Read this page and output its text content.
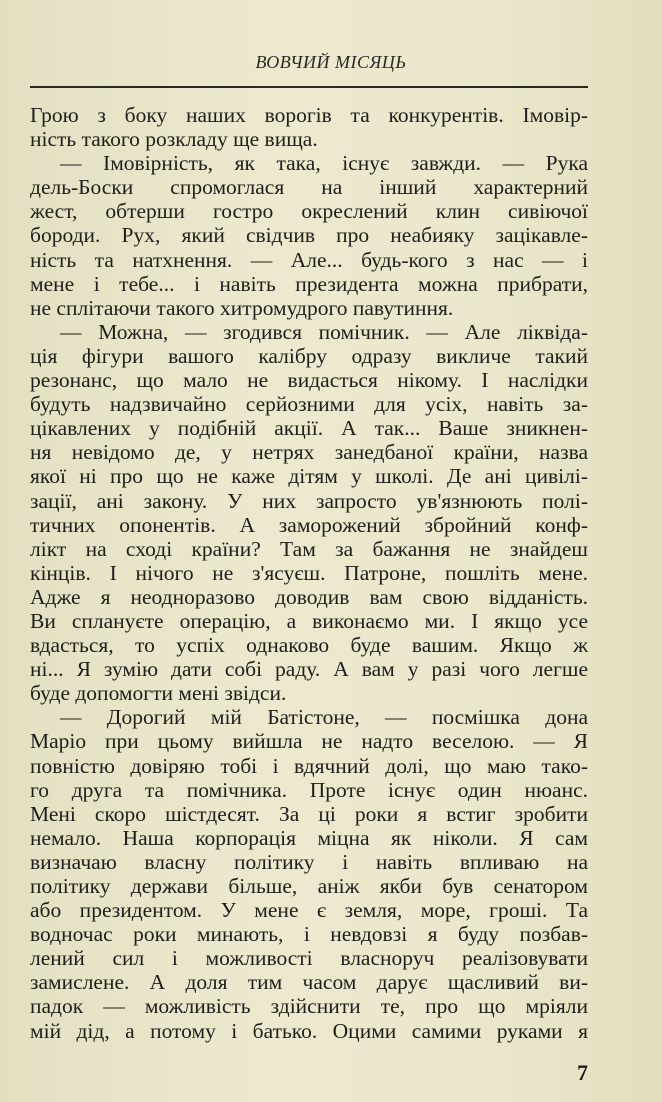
ВОВЧИЙ МІСЯЦЬ
Грою з боку наших ворогів та конкурентів. Імовір-
ність такого розкладу ще вища.
— Імовірність, як така, існує завжди. — Рука
дель-Боски спромоглася на інший характерний
жест, обтерши гостро окреслений клин сивіючої
бороди. Рух, який свідчив про неабияку зацікавле-
ність та натхнення. — Але... будь-кого з нас — і
мене і тебе... і навіть президента можна прибрати,
не сплітаючи такого хитромудрого павутиння.
— Можна, — згодився помічник. — Але ліквіда-
ція фігури вашого калібру одразу викличе такий
резонанс, що мало не видасться нікому. І наслідки
будуть надзвичайно серйозними для усіх, навіть за-
цікавлених у подібній акції. А так... Ваше зникнен-
ня невідомо де, у нетрях занедбаної країни, назва
якої ні про що не каже дітям у школі. Де ані цивілі-
зації, ані закону. У них запросто ув'язнюють полі-
тичних опонентів. А заморожений збройний конф-
лікт на сході країни? Там за бажання не знайдеш
кінців. І нічого не з'ясуєш. Патроне, пошліть мене.
Адже я неодноразово доводив вам свою відданість.
Ви сплануєте операцію, а виконаємо ми. І якщо усе
вдасться, то успіх однаково буде вашим. Якщо ж
ні... Я зумію дати собі раду. А вам у разі чого легше
буде допомогти мені звідси.
— Дорогий мій Батістоне, — посмішка дона
Маріо при цьому вийшла не надто веселою. — Я
повністю довіряю тобі і вдячний долі, що маю тако-
го друга та помічника. Проте існує один нюанс.
Мені скоро шістдесят. За ці роки я встиг зробити
немало. Наша корпорація міцна як ніколи. Я сам
визначаю власну політику і навіть впливаю на
політику держави більше, аніж якби був сенатором
або президентом. У мене є земля, море, гроші. Та
водночас роки минають, і невдовзі я буду позбав-
лений сил і можливості власноруч реалізовувати
замислене. А доля тим часом дарує щасливий ви-
падок — можливість здійснити те, про що мріяли
мій дід, а потому і батько. Оцими самими руками я
7
